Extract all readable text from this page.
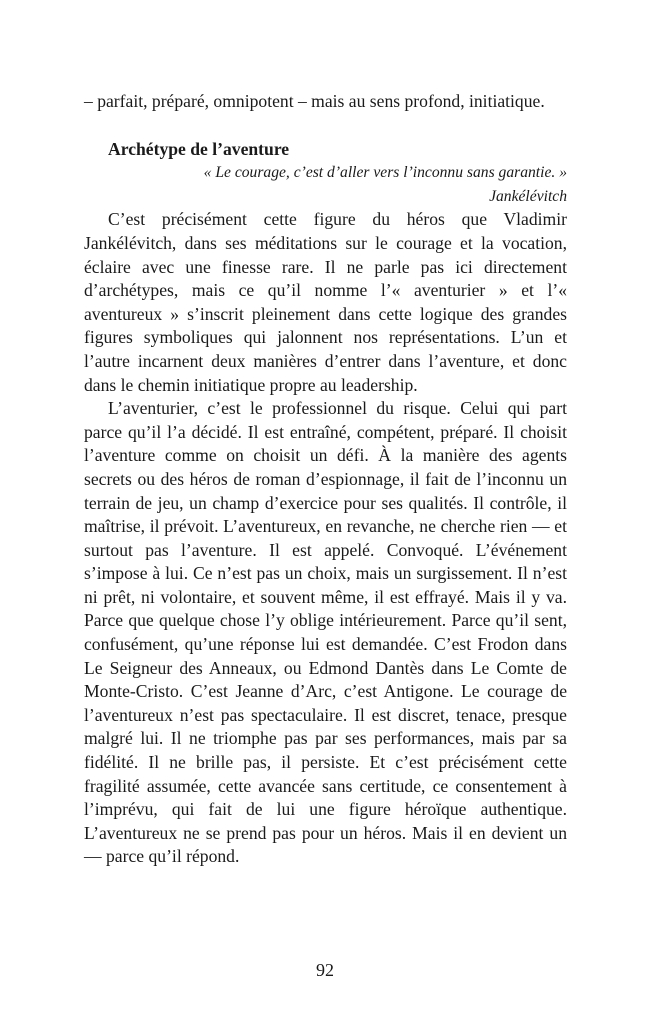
– parfait, préparé, omnipotent – mais au sens profond, initiatique.

Archétype de l’aventure

« Le courage, c’est d’aller vers l’inconnu sans garantie. »

Jankélévitch

C’est précisément cette figure du héros que Vladimir Jankélévitch, dans ses méditations sur le courage et la vocation, éclaire avec une finesse rare. Il ne parle pas ici directement d’archétypes, mais ce qu’il nomme l’« aventurier » et l’« aventureux » s’inscrit pleinement dans cette logique des grandes figures symboliques qui jalonnent nos représentations. L’un et l’autre incarnent deux manières d’entrer dans l’aventure, et donc dans le chemin initiatique propre au leadership.

L’aventurier, c’est le professionnel du risque. Celui qui part parce qu’il l’a décidé. Il est entraîné, compétent, préparé. Il choisit l’aventure comme on choisit un défi. À la manière des agents secrets ou des héros de roman d’espionnage, il fait de l’inconnu un terrain de jeu, un champ d’exercice pour ses qualités. Il contrôle, il maîtrise, il prévoit. L’aventureux, en revanche, ne cherche rien — et surtout pas l’aventure. Il est appelé. Convoqué. L’événement s’impose à lui. Ce n’est pas un choix, mais un surgissement. Il n’est ni prêt, ni volontaire, et souvent même, il est effrayé. Mais il y va. Parce que quelque chose l’y oblige intérieurement. Parce qu’il sent, confusément, qu’une réponse lui est demandée. C’est Frodon dans Le Seigneur des Anneaux, ou Edmond Dantès dans Le Comte de Monte-Cristo. C’est Jeanne d’Arc, c’est Antigone. Le courage de l’aventureux n’est pas spectaculaire. Il est discret, tenace, presque malgré lui. Il ne triomphe pas par ses performances, mais par sa fidélité. Il ne brille pas, il persiste. Et c’est précisément cette fragilité assumée, cette avancée sans certitude, ce consentement à l’imprévu, qui fait de lui une figure héroïque authentique. L’aventureux ne se prend pas pour un héros. Mais il en devient un — parce qu’il répond.

92
